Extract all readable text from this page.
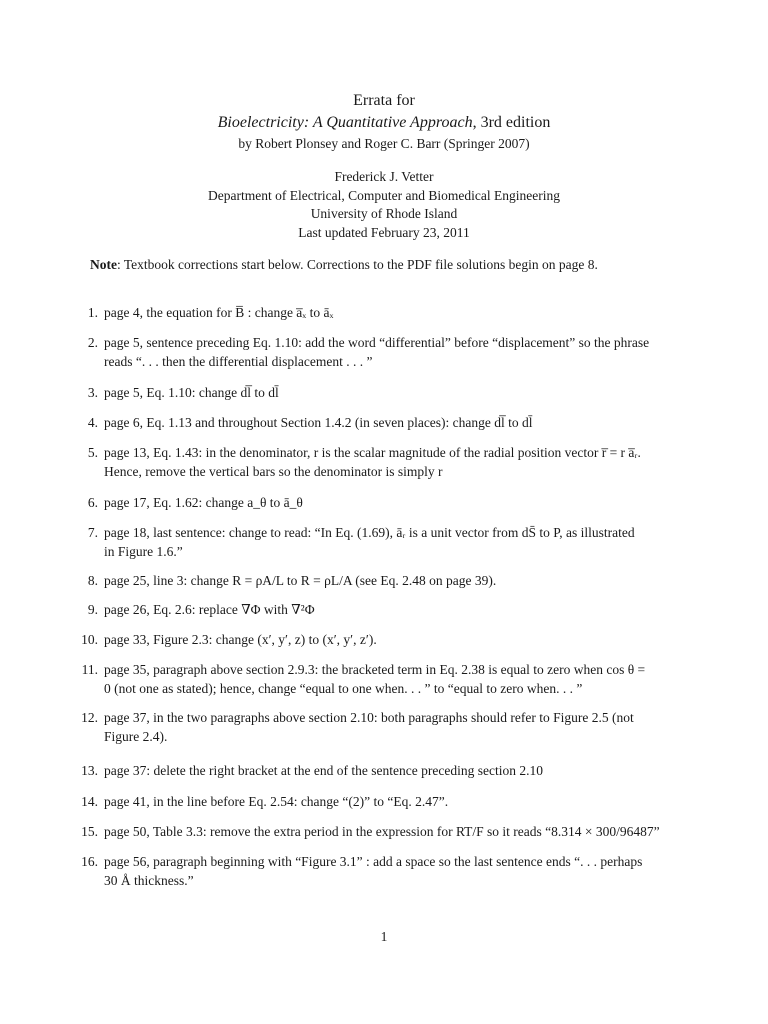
Errata for
Bioelectricity: A Quantitative Approach, 3rd edition
by Robert Plonsey and Roger C. Barr (Springer 2007)
Frederick J. Vetter
Department of Electrical, Computer and Biomedical Engineering
University of Rhode Island
Last updated February 23, 2011
Note: Textbook corrections start below. Corrections to the PDF file solutions begin on page 8.
1. page 4, the equation for B̅ : change a̅ₓ to āₓ
2. page 5, sentence preceding Eq. 1.10: add the word “differential” before “displacement” so the phrase
reads “. . . then the differential displacement . . . ”
3. page 5, Eq. 1.10: change dl̅ to dl̄
4. page 6, Eq. 1.13 and throughout Section 1.4.2 (in seven places): change dl̅ to dl̄
5. page 13, Eq. 1.43: in the denominator, r is the scalar magnitude of the radial position vector r̅ = r a̅ᵣ.
Hence, remove the vertical bars so the denominator is simply r
6. page 17, Eq. 1.62: change a_θ to ā_θ
7. page 18, last sentence: change to read: “In Eq. (1.69), āᵣ is a unit vector from dS̄ to P, as illustrated
in Figure 1.6.”
8. page 25, line 3: change R = ρA/L to R = ρL/A (see Eq. 2.48 on page 39).
9. page 26, Eq. 2.6: replace ∇Φ with ∇²Φ
10. page 33, Figure 2.3: change (x′, y′, z) to (x′, y′, z′).
11. page 35, paragraph above section 2.9.3: the bracketed term in Eq. 2.38 is equal to zero when cos θ =
0 (not one as stated); hence, change “equal to one when. . . ” to “equal to zero when. . . ”
12. page 37, in the two paragraphs above section 2.10: both paragraphs should refer to Figure 2.5 (not
Figure 2.4).
13. page 37: delete the right bracket at the end of the sentence preceding section 2.10
14. page 41, in the line before Eq. 2.54: change “(2)” to “Eq. 2.47”.
15. page 50, Table 3.3: remove the extra period in the expression for RT/F so it reads “8.314 × 300/96487”
16. page 56, paragraph beginning with “Figure 3.1” : add a space so the last sentence ends “. . . perhaps
30 Å thickness.”
1
